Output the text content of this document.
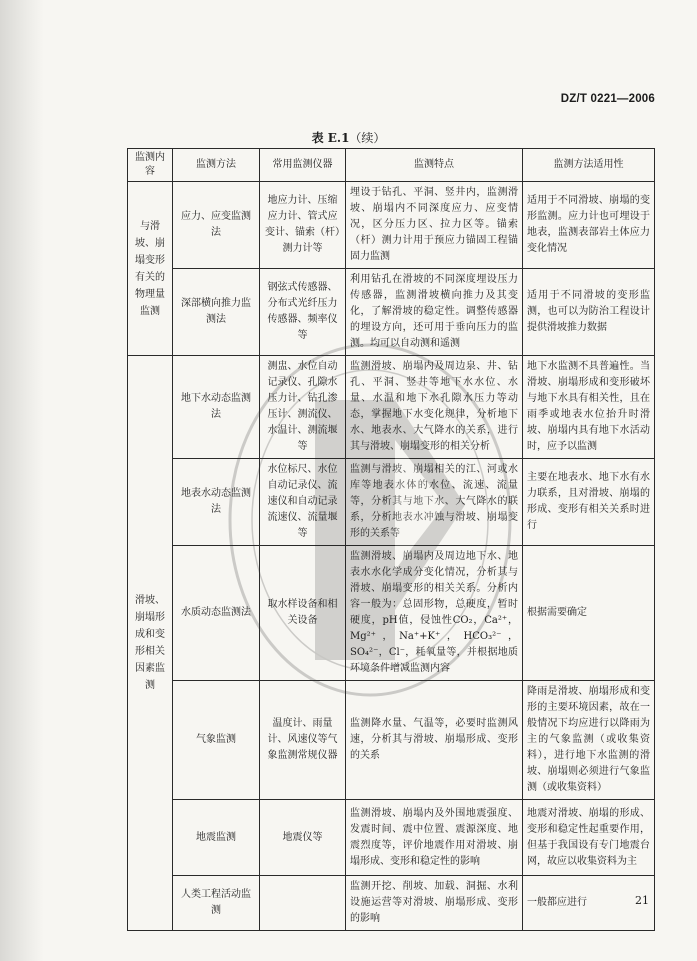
DZ/T 0221—2006
表 E.1（续）
监测内容	监测方法	常用监测仪器	监测特点	监测方法适用性
与滑坡、崩塌变形有关的物理量监测	应力、应变监测法	地应力计、压缩应力计、管式应变计、锚索（杆）测力计等	埋设于钻孔、平洞、竖井内，监测滑坡、崩塌内不同深度应力、应变情况，区分压力区、拉力区等。锚索（杆）测力计用于预应力锚固工程锚固力监测	适用于不同滑坡、崩塌的变形监测。应力计也可埋设于地表，监测表部岩土体应力变化情况
	深部横向推力监测法	钢弦式传感器、分布式光纤压力传感器、频率仪等	利用钻孔在滑坡的不同深度埋设压力传感器，监测滑坡横向推力及其变化，了解滑坡的稳定性。调整传感器的埋设方向，还可用于垂向压力的监测。均可以自动测和遥测	适用于不同滑坡的变形监测，也可以为防治工程设计提供滑坡推力数据
滑坡、崩塌形成和变形相关因素监测	地下水动态监测法	测盅、水位自动记录仪、孔隙水压力计、钻孔渗压计、测流仪、水温计、测流堰等	监测滑坡、崩塌内及周边泉、井、钻孔、平洞、竖井等地下水水位、水量、水温和地下水孔隙水压力等动态，掌握地下水变化规律，分析地下水、地表水、大气降水的关系，进行其与滑坡、崩塌变形的相关分析	地下水监测不具普遍性。当滑坡、崩塌形成和变形破坏与地下水具有相关性，且在雨季或地表水位抬升时滑坡、崩塌内具有地下水活动时，应予以监测
	地表水动态监测法	水位标尺、水位自动记录仪、流速仪和自动记录流速仪、流量堰等	监测与滑坡、崩塌相关的江、河或水库等地表水体的水位、流速、流量等，分析其与地下水、大气降水的联系，分析地表水冲蚀与滑坡、崩塌变形的关系等	主要在地表水、地下水有水力联系，且对滑坡、崩塌的形成、变形有相关关系时进行
	水质动态监测法	取水样设备和相关设备	监测滑坡、崩塌内及周边地下水、地表水水化学成分变化情况，分析其与滑坡、崩塌变形的相关关系。分析内容一般为：总固形物，总硬度，暂时硬度，pH值，侵蚀性CO₂，Ca²⁺，Mg²⁺，Na⁺+K⁺，HCO₃²⁻，SO₄²⁻，Cl⁻，耗氧量等，并根据地质环境条件增减监测内容	根据需要确定
	气象监测	温度计、雨量计、风速仪等气象监测常规仪器	监测降水量、气温等，必要时监测风速，分析其与滑坡、崩塌形成、变形的关系	降雨是滑坡、崩塌形成和变形的主要环境因素，故在一般情况下均应进行以降雨为主的气象监测（或收集资料），进行地下水监测的滑坡、崩塌则必须进行气象监测（或收集资料）
	地震监测	地震仪等	监测滑坡、崩塌内及外围地震强度、发震时间、震中位置、震源深度、地震烈度等，评价地震作用对滑坡、崩塌形成、变形和稳定性的影响	地震对滑坡、崩塌的形成、变形和稳定性起重要作用，但基于我国设有专门地震台网，故应以收集资料为主
	人类工程活动监测		监测开挖、削坡、加载、洞掘、水利设施运营等对滑坡、崩塌形成、变形的影响	一般都应进行	21
